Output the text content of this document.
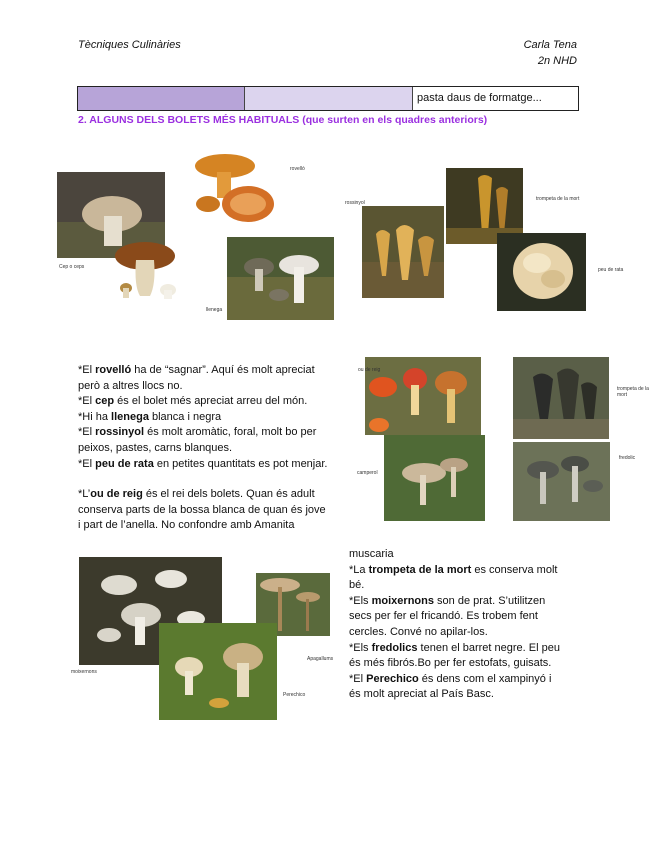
Tècniques Culinàries	Carla Tena
2n NHD
pasta daus de formatge...
2. ALGUNS DELS BOLETS MÉS HABITUALS (que surten en els quadres anteriors)
Cep o ceps
rovelló
llenega
rossinyol
trompeta de la mort
peu de rata

*El rovelló ha de “sagnar”. Aquí és molt apreciat

però a altres llocs no.

*El cep és el bolet més apreciat arreu del món.

*Hi ha llenega blanca i negra

*El rossinyol és molt aromàtic, foral, molt bo per

peixos, pastes, carns blanques.

*El peu de rata en petites quantitats es pot menjar.

*L’ou de reig és el rei dels bolets. Quan és adult

conserva parts de la bossa blanca de quan és jove

i part de l’anella. No confondre amb Amanita

ou de reig
camperol
trompeta de la mort
fredolic
moixernons
Apagallums
Perechico

muscaria

*La trompeta de la mort es conserva molt

bé.

*Els moixernons son de prat. S’utilitzen

secs per fer el fricandó. Es trobem fent

cercles. Convé no apilar-los.

*Els fredolics tenen el barret negre. El peu

és més fibrós.Bo per fer estofats, guisats.

*El Perechico és dens com el xampinyó i

és molt apreciat al País Basc.
